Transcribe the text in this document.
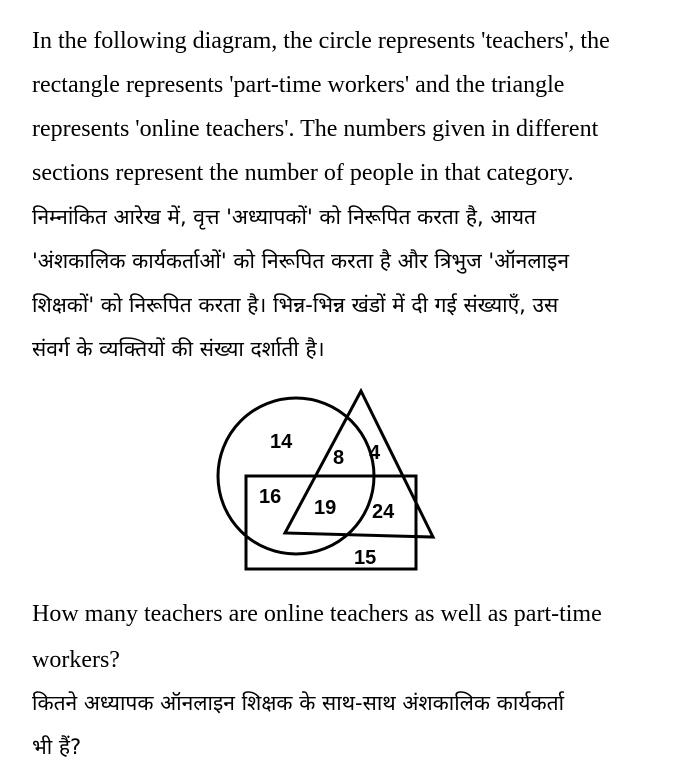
In the following diagram, the circle represents 'teachers', the
rectangle represents 'part-time workers' and the triangle
represents 'online teachers'. The numbers given in different
sections represent the number of people in that category.
निम्नांकित आरेख में, वृत्त 'अध्यापकों' को निरूपित करता है, आयत
'अंशकालिक कार्यकर्ताओं' को निरूपित करता है और त्रिभुज 'ऑनलाइन
शिक्षकों' को निरूपित करता है। भिन्न-भिन्न खंडों में दी गई संख्याएँ, उस
संवर्ग के व्यक्तियों की संख्या दर्शाती है।
14
8 4
16 19 24
15
How many teachers are online teachers as well as part-time
workers?
कितने अध्यापक ऑनलाइन शिक्षक के साथ-साथ अंशकालिक कार्यकर्ता
भी हैं?
